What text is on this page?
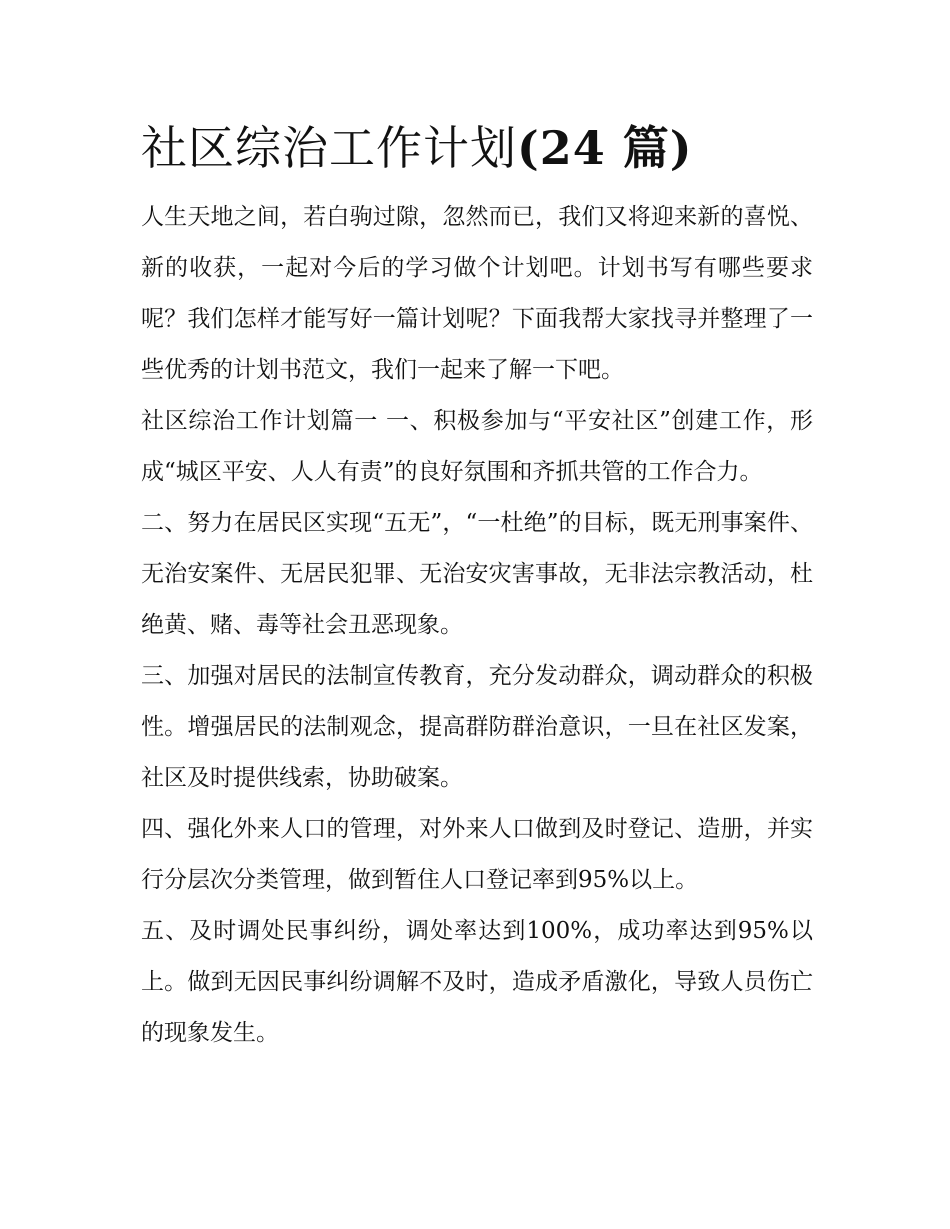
社区综治工作计划(24 篇)

人生天地之间，若白驹过隙，忽然而已，我们又将迎来新的喜悦、新的收获，一起对今后的学习做个计划吧。计划书写有哪些要求呢？我们怎样才能写好一篇计划呢？下面我帮大家找寻并整理了一些优秀的计划书范文，我们一起来了解一下吧。

社区综治工作计划篇一 一、积极参加与“平安社区”创建工作，形成“城区平安、人人有责”的良好氛围和齐抓共管的工作合力。

二、努力在居民区实现“五无”，“一杜绝”的目标，既无刑事案件、无治安案件、无居民犯罪、无治安灾害事故，无非法宗教活动，杜绝黄、赌、毒等社会丑恶现象。

三、加强对居民的法制宣传教育，充分发动群众，调动群众的积极性。增强居民的法制观念，提高群防群治意识，一旦在社区发案，社区及时提供线索，协助破案。

四、强化外来人口的管理，对外来人口做到及时登记、造册，并实行分层次分类管理，做到暂住人口登记率到95%以上。

五、及时调处民事纠纷，调处率达到100%，成功率达到95%以上。做到无因民事纠纷调解不及时，造成矛盾激化，导致人员伤亡的现象发生。
